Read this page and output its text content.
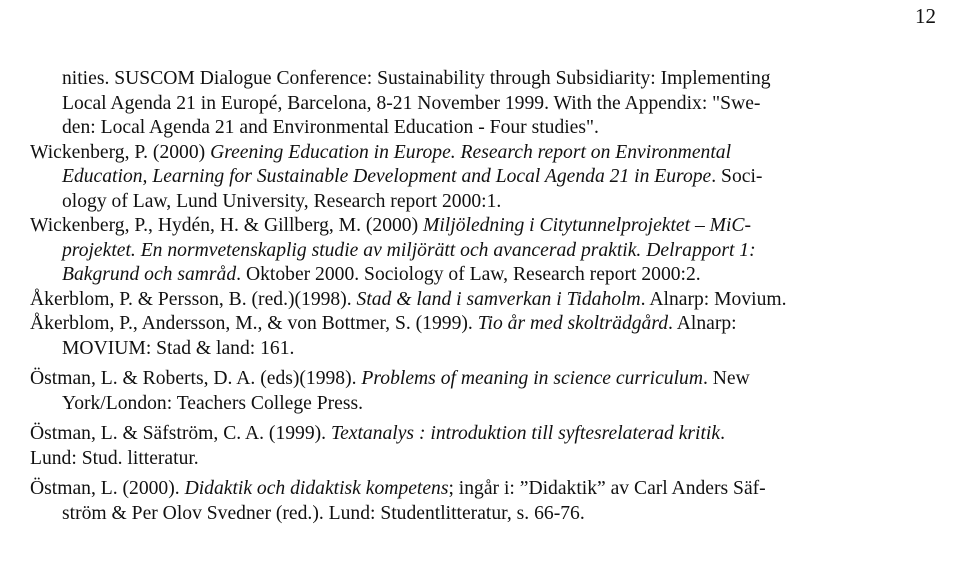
12
nities. SUSCOM Dialogue Conference: Sustainability through Subsidiarity: Implementing
Local Agenda 21 in Europé, Barcelona, 8-21 November 1999. With the Appendix: "Swe-
den: Local Agenda 21 and Environmental Education - Four studies".
Wickenberg, P. (2000) Greening Education in Europe. Research report on Environmental
Education, Learning for Sustainable Development and Local Agenda 21 in Europe. Soci-
ology of Law, Lund University, Research report 2000:1.
Wickenberg, P., Hydén, H. & Gillberg, M. (2000) Miljöledning i Citytunnelprojektet – MiC-
projektet. En normvetenskaplig studie av miljörätt och avancerad praktik. Delrapport 1:
Bakgrund och samråd. Oktober 2000. Sociology of Law, Research report 2000:2.
Åkerblom, P. & Persson, B. (red.)(1998). Stad & land i samverkan i Tidaholm. Alnarp: Movium.
Åkerblom, P., Andersson, M., & von Bottmer, S. (1999). Tio år med skolträdgård. Alnarp:
MOVIUM: Stad & land: 161.
Östman, L. & Roberts, D. A. (eds)(1998). Problems of meaning in science curriculum. New
York/London: Teachers College Press.
Östman, L. & Säfström, C. A. (1999). Textanalys : introduktion till syftesrelaterad kritik.
Lund: Stud. litteratur.
Östman, L. (2000). Didaktik och didaktisk kompetens; ingår i: ”Didaktik” av Carl Anders Säf-
ström & Per Olov Svedner (red.). Lund: Studentlitteratur, s. 66-76.
